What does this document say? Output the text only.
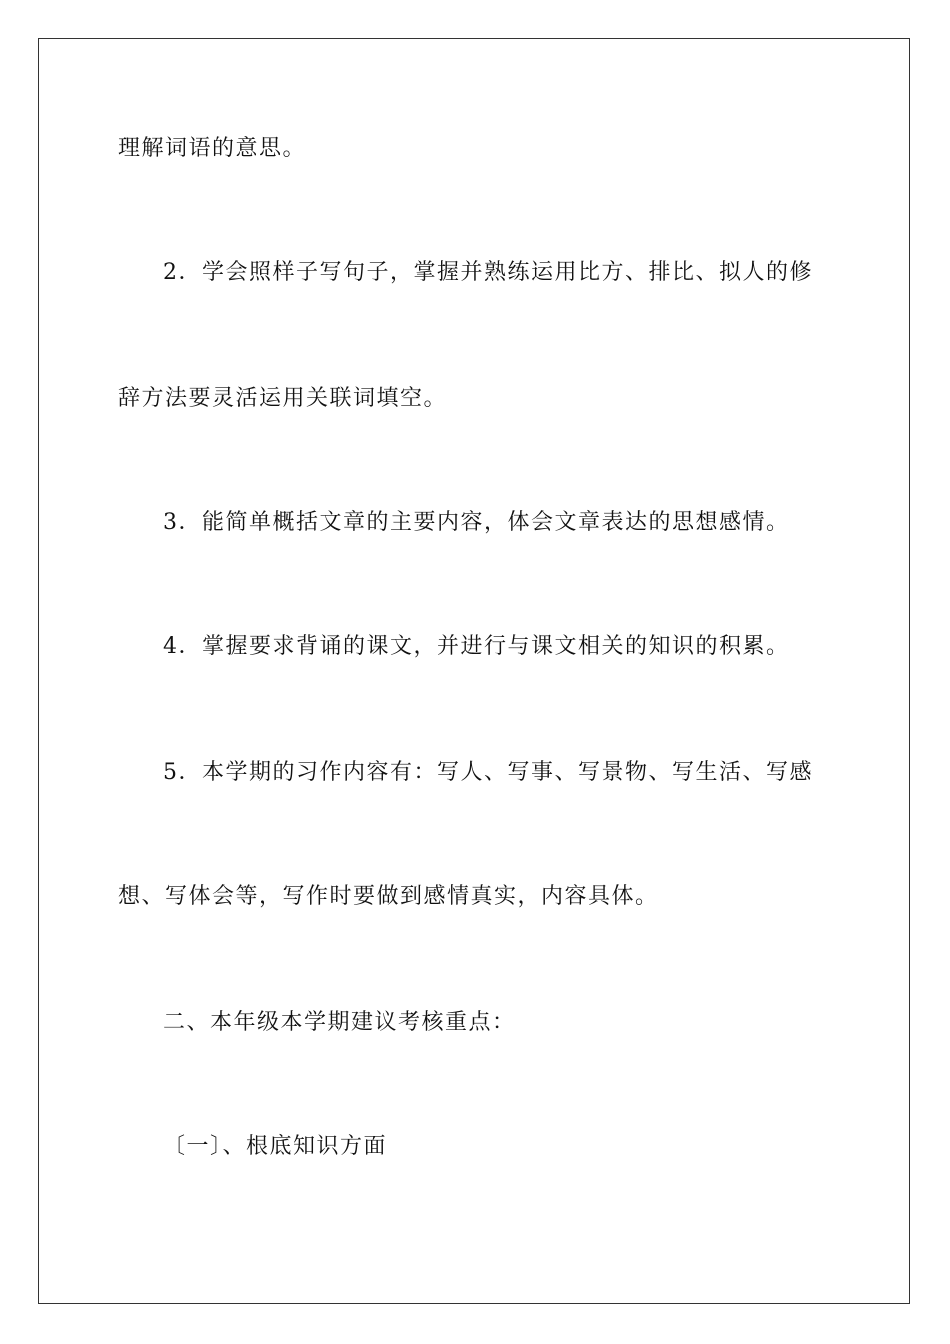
理解词语的意思。
2．学会照样子写句子，掌握并熟练运用比方、排比、拟人的修
辞方法要灵活运用关联词填空。
3．能简单概括文章的主要内容，体会文章表达的思想感情。
4．掌握要求背诵的课文，并进行与课文相关的知识的积累。
5．本学期的习作内容有：写人、写事、写景物、写生活、写感
想、写体会等，写作时要做到感情真实，内容具体。
二、本年级本学期建议考核重点：
〔一〕、根底知识方面
